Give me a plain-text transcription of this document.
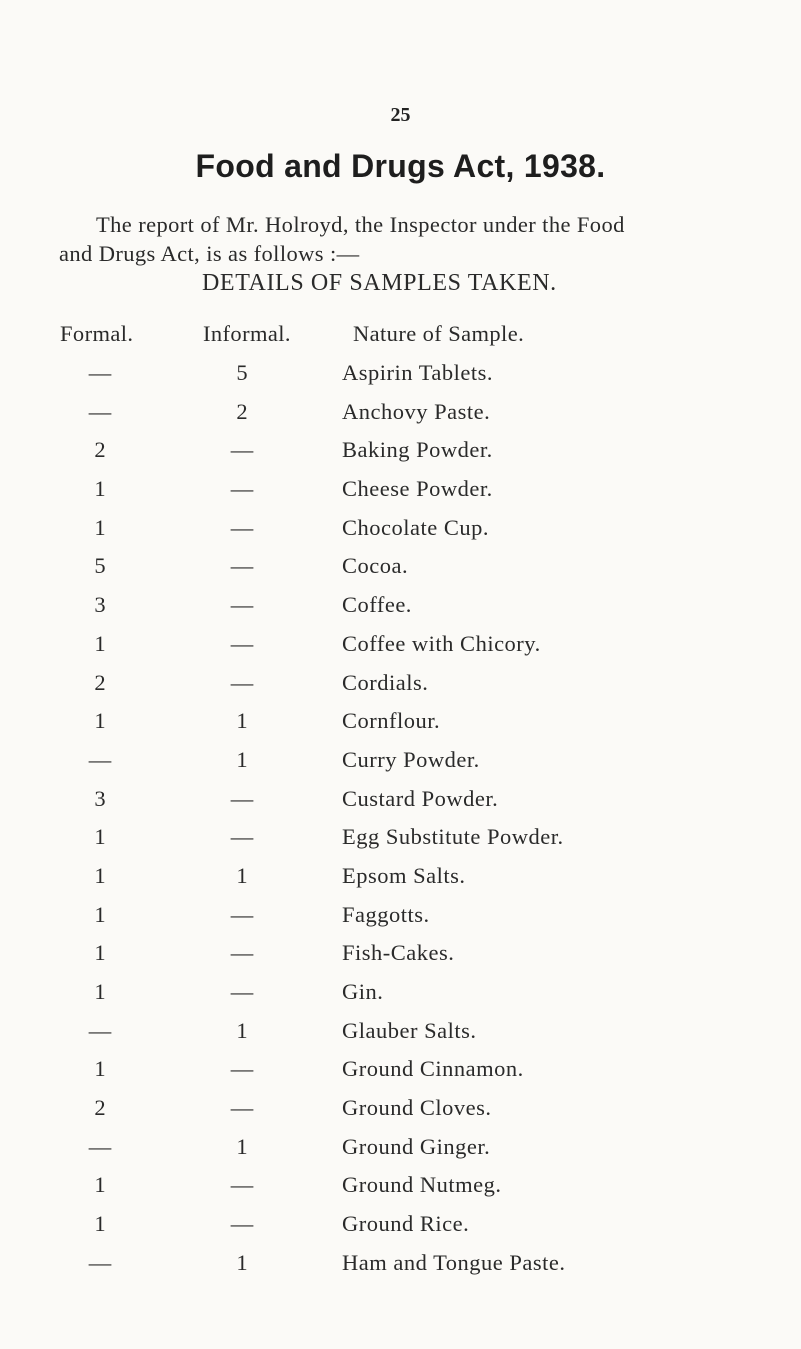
25
Food and Drugs Act, 1938.
The report of Mr. Holroyd, the Inspector under the Food
and Drugs Act, is as follows :—
DETAILS OF SAMPLES TAKEN.
Formal.	Informal.	Nature of Sample.
—	5	Aspirin Tablets.
—	2	Anchovy Paste.
2	—	Baking Powder.
1	—	Cheese Powder.
1	—	Chocolate Cup.
5	—	Cocoa.
3	—	Coffee.
1	—	Coffee with Chicory.
2	—	Cordials.
1	1	Cornflour.
—	1	Curry Powder.
3	—	Custard Powder.
1	—	Egg Substitute Powder.
1	1	Epsom Salts.
1	—	Faggotts.
1	—	Fish-Cakes.
1	—	Gin.
—	1	Glauber Salts.
1	—	Ground Cinnamon.
2	—	Ground Cloves.
—	1	Ground Ginger.
1	—	Ground Nutmeg.
1	—	Ground Rice.
—	1	Ham and Tongue Paste.
